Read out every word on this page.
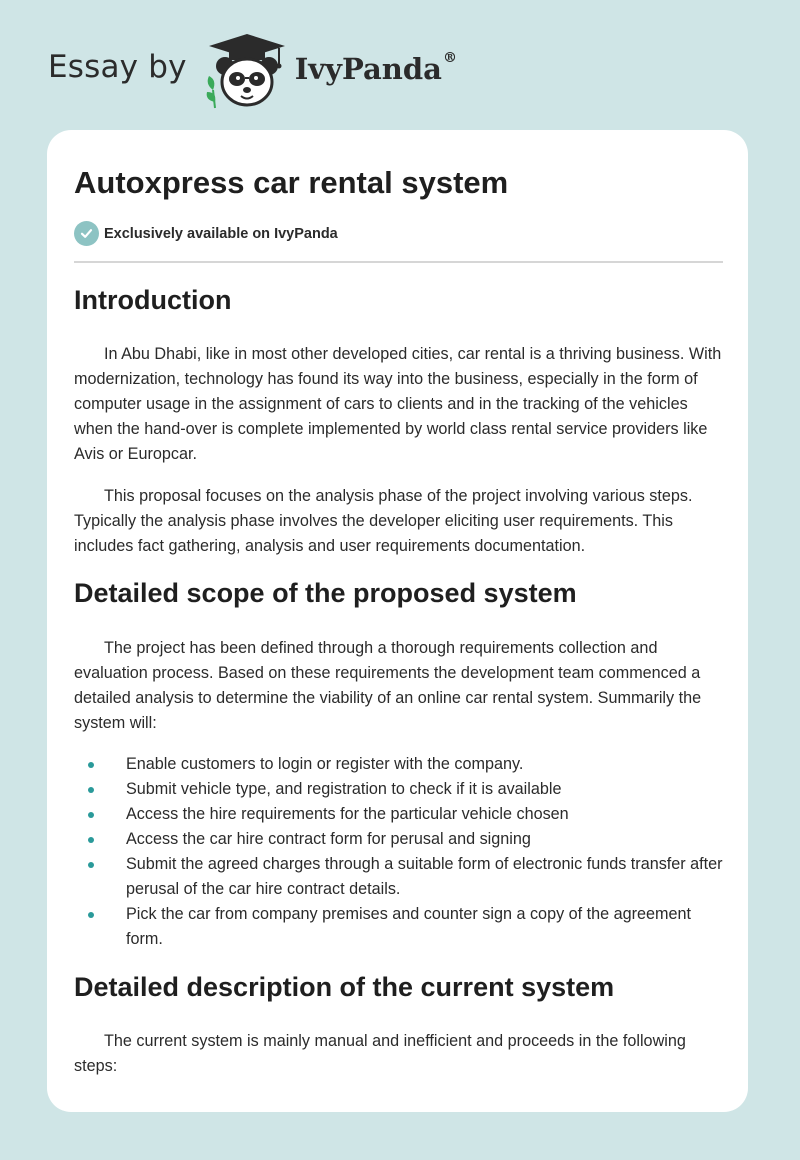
Essay by	IvyPanda®
Autoxpress car rental system
Exclusively available on IvyPanda
Introduction

In Abu Dhabi, like in most other developed cities, car rental is a thriving business. With modernization, technology has found its way into the business, especially in the form of computer usage in the assignment of cars to clients and in the tracking of the vehicles when the hand-over is complete implemented by world class rental service providers like Avis or Europcar.

This proposal focuses on the analysis phase of the project involving various steps. Typically the analysis phase involves the developer eliciting user requirements. This includes fact gathering, analysis and user requirements documentation.

Detailed scope of the proposed system

The project has been defined through a thorough requirements collection and evaluation process. Based on these requirements the development team commenced a detailed analysis to determine the viability of an online car rental system. Summarily the system will:

Enable customers to login or register with the company.
Submit vehicle type, and registration to check if it is available
Access the hire requirements for the particular vehicle chosen
Access the car hire contract form for perusal and signing
Submit the agreed charges through a suitable form of electronic funds transfer after perusal of the car hire contract details.
Pick the car from company premises and counter sign a copy of the agreement form.
Detailed description of the current system

The current system is mainly manual and inefficient and proceeds in the following steps:
